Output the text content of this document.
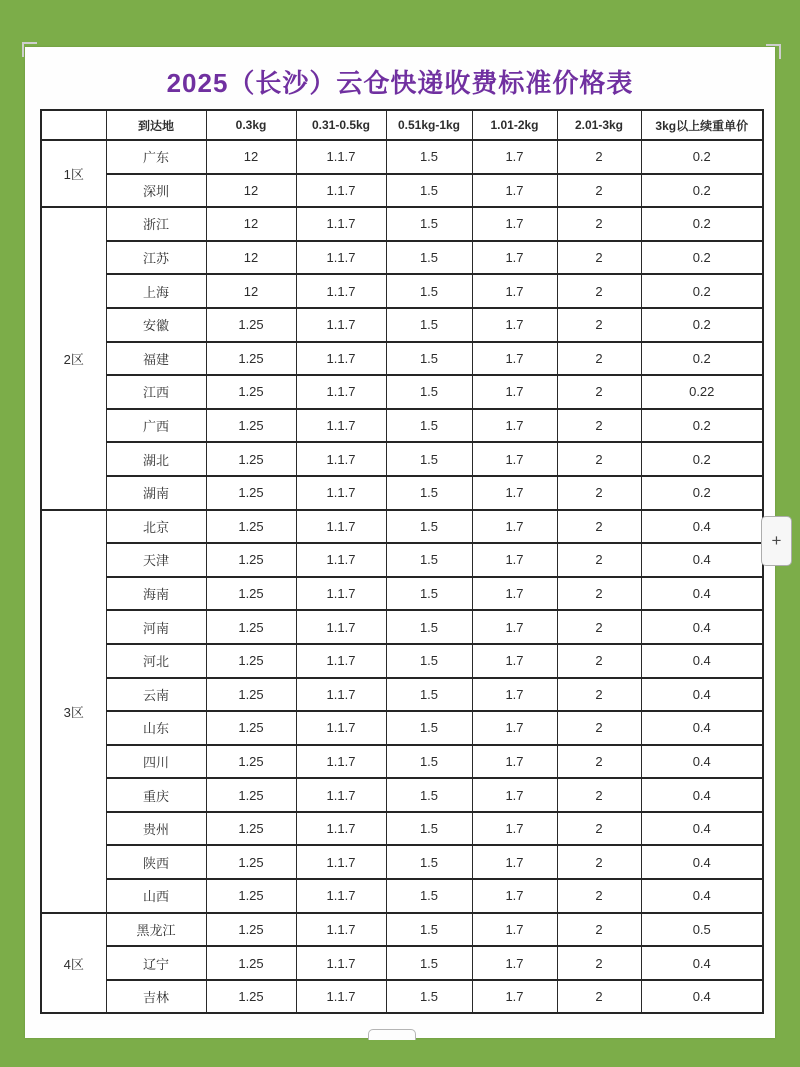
2025（长沙）云仓快递收费标准价格表
	到达地	0.3kg	0.31-0.5kg	0.51kg-1kg	1.01-2kg	2.01-3kg	3kg以上续重单价
1区	广东	12	1.1.7	1.5	1.7	2	0.2
	深圳	12	1.1.7	1.5	1.7	2	0.2
2区	浙江	12	1.1.7	1.5	1.7	2	0.2
	江苏	12	1.1.7	1.5	1.7	2	0.2
	上海	12	1.1.7	1.5	1.7	2	0.2
	安徽	1.25	1.1.7	1.5	1.7	2	0.2
	福建	1.25	1.1.7	1.5	1.7	2	0.2
	江西	1.25	1.1.7	1.5	1.7	2	0.22
	广西	1.25	1.1.7	1.5	1.7	2	0.2
	湖北	1.25	1.1.7	1.5	1.7	2	0.2
	湖南	1.25	1.1.7	1.5	1.7	2	0.2
3区	北京	1.25	1.1.7	1.5	1.7	2	0.4
	天津	1.25	1.1.7	1.5	1.7	2	0.4
	海南	1.25	1.1.7	1.5	1.7	2	0.4
	河南	1.25	1.1.7	1.5	1.7	2	0.4
	河北	1.25	1.1.7	1.5	1.7	2	0.4
	云南	1.25	1.1.7	1.5	1.7	2	0.4
	山东	1.25	1.1.7	1.5	1.7	2	0.4
	四川	1.25	1.1.7	1.5	1.7	2	0.4
	重庆	1.25	1.1.7	1.5	1.7	2	0.4
	贵州	1.25	1.1.7	1.5	1.7	2	0.4
	陕西	1.25	1.1.7	1.5	1.7	2	0.4
	山西	1.25	1.1.7	1.5	1.7	2	0.4
4区	黑龙江	1.25	1.1.7	1.5	1.7	2	0.5
	辽宁	1.25	1.1.7	1.5	1.7	2	0.4
	吉林	1.25	1.1.7	1.5	1.7	2	0.4
+
